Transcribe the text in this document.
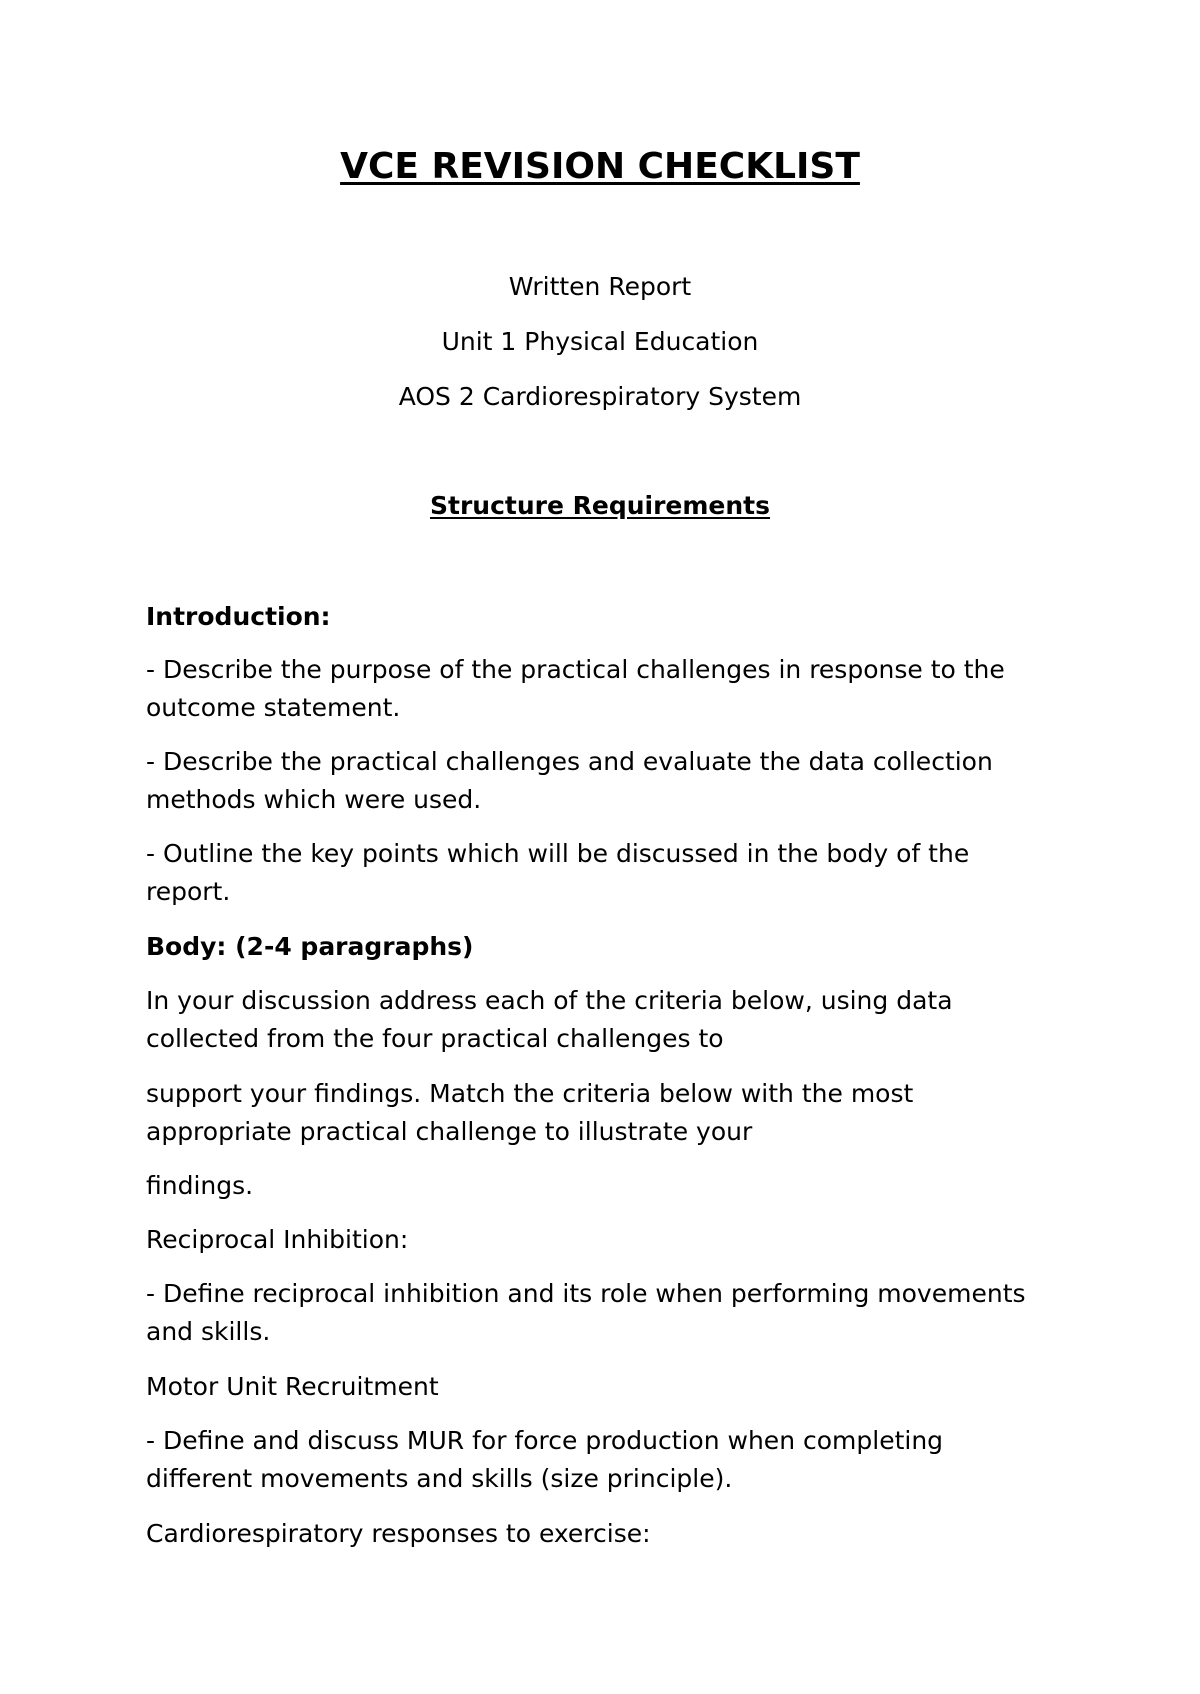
VCE REVISION CHECKLIST

Written Report

Unit 1 Physical Education

AOS 2 Cardiorespiratory System

Structure Requirements

Introduction:

- Describe the purpose of the practical challenges in response to the outcome statement.

- Describe the practical challenges and evaluate the data collection methods which were used.

- Outline the key points which will be discussed in the body of the report.

Body: (2-4 paragraphs)

In your discussion address each of the criteria below, using data collected from the four practical challenges to

support your findings. Match the criteria below with the most appropriate practical challenge to illustrate your

findings.

Reciprocal Inhibition:

- Define reciprocal inhibition and its role when performing movements and skills.

Motor Unit Recruitment

- Define and discuss MUR for force production when completing different movements and skills (size principle).

Cardiorespiratory responses to exercise:
